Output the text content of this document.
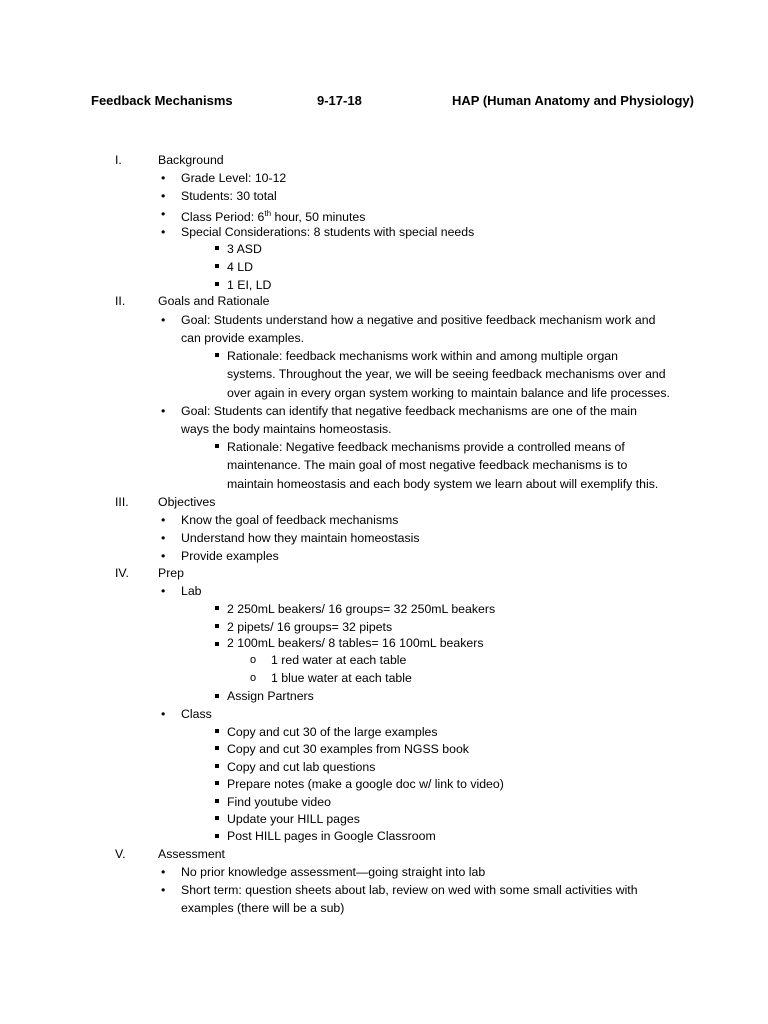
Feedback Mechanisms	9-17-18	HAP (Human Anatomy and Physiology)
I.	Background
• Grade Level: 10-12
• Students: 30 total
• Class Period: 6th hour, 50 minutes
• Special Considerations: 8 students with special needs
3 ASD
4 LD
1 EI, LD
II.	Goals and Rationale
• Goal: Students understand how a negative and positive feedback mechanism work and
can provide examples.
Rationale: feedback mechanisms work within and among multiple organ
systems. Throughout the year, we will be seeing feedback mechanisms over and
over again in every organ system working to maintain balance and life processes.
• Goal: Students can identify that negative feedback mechanisms are one of the main
ways the body maintains homeostasis.
Rationale: Negative feedback mechanisms provide a controlled means of
maintenance. The main goal of most negative feedback mechanisms is to
maintain homeostasis and each body system we learn about will exemplify this.
III. Objectives
• Know the goal of feedback mechanisms
• Understand how they maintain homeostasis
• Provide examples
IV. Prep
• Lab
2 250mL beakers/ 16 groups= 32 250mL beakers
2 pipets/ 16 groups= 32 pipets
2 100mL beakers/ 8 tables= 16 100mL beakers
o 1 red water at each table
o 1 blue water at each table
Assign Partners
• Class
Copy and cut 30 of the large examples
Copy and cut 30 examples from NGSS book
Copy and cut lab questions
Prepare notes (make a google doc w/ link to video)
Find youtube video
Update your HILL pages
Post HILL pages in Google Classroom
V.	Assessment
• No prior knowledge assessment—going straight into lab
• Short term: question sheets about lab, review on wed with some small activities with
examples (there will be a sub)
